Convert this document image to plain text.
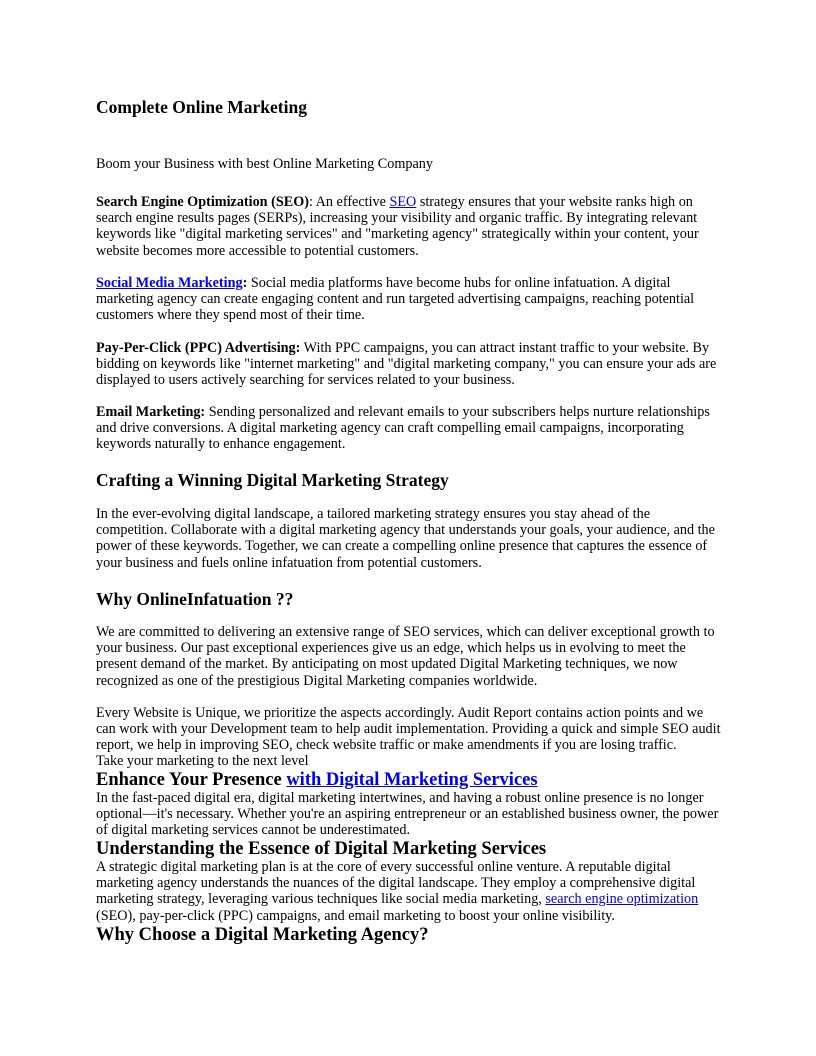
Complete Online Marketing

Boom your Business with best Online Marketing Company

Search Engine Optimization (SEO): An effective SEO strategy ensures that your website ranks high on search engine results pages (SERPs), increasing your visibility and organic traffic. By integrating relevant keywords like "digital marketing services" and "marketing agency" strategically within your content, your website becomes more accessible to potential customers.

Social Media Marketing: Social media platforms have become hubs for online infatuation. A digital marketing agency can create engaging content and run targeted advertising campaigns, reaching potential customers where they spend most of their time.

Pay-Per-Click (PPC) Advertising: With PPC campaigns, you can attract instant traffic to your website. By bidding on keywords like "internet marketing" and "digital marketing company," you can ensure your ads are displayed to users actively searching for services related to your business.

Email Marketing: Sending personalized and relevant emails to your subscribers helps nurture relationships and drive conversions. A digital marketing agency can craft compelling email campaigns, incorporating keywords naturally to enhance engagement.

Crafting a Winning Digital Marketing Strategy

In the ever-evolving digital landscape, a tailored marketing strategy ensures you stay ahead of the competition. Collaborate with a digital marketing agency that understands your goals, your audience, and the power of these keywords. Together, we can create a compelling online presence that captures the essence of your business and fuels online infatuation from potential customers.

Why OnlineInfatuation ??

We are committed to delivering an extensive range of SEO services, which can deliver exceptional growth to your business. Our past exceptional experiences give us an edge, which helps us in evolving to meet the present demand of the market. By anticipating on most updated Digital Marketing techniques, we now recognized as one of the prestigious Digital Marketing companies worldwide.

Every Website is Unique, we prioritize the aspects accordingly. Audit Report contains action points and we can work with your Development team to help audit implementation. Providing a quick and simple SEO audit report, we help in improving SEO, check website traffic or make amendments if you are losing traffic.

Take your marketing to the next level

Enhance Your Presence with Digital Marketing Services

In the fast-paced digital era, digital marketing intertwines, and having a robust online presence is no longer optional—it's necessary. Whether you're an aspiring entrepreneur or an established business owner, the power of digital marketing services cannot be underestimated.

Understanding the Essence of Digital Marketing Services

A strategic digital marketing plan is at the core of every successful online venture. A reputable digital marketing agency understands the nuances of the digital landscape. They employ a comprehensive digital marketing strategy, leveraging various techniques like social media marketing, search engine optimization (SEO), pay-per-click (PPC) campaigns, and email marketing to boost your online visibility.

Why Choose a Digital Marketing Agency?
